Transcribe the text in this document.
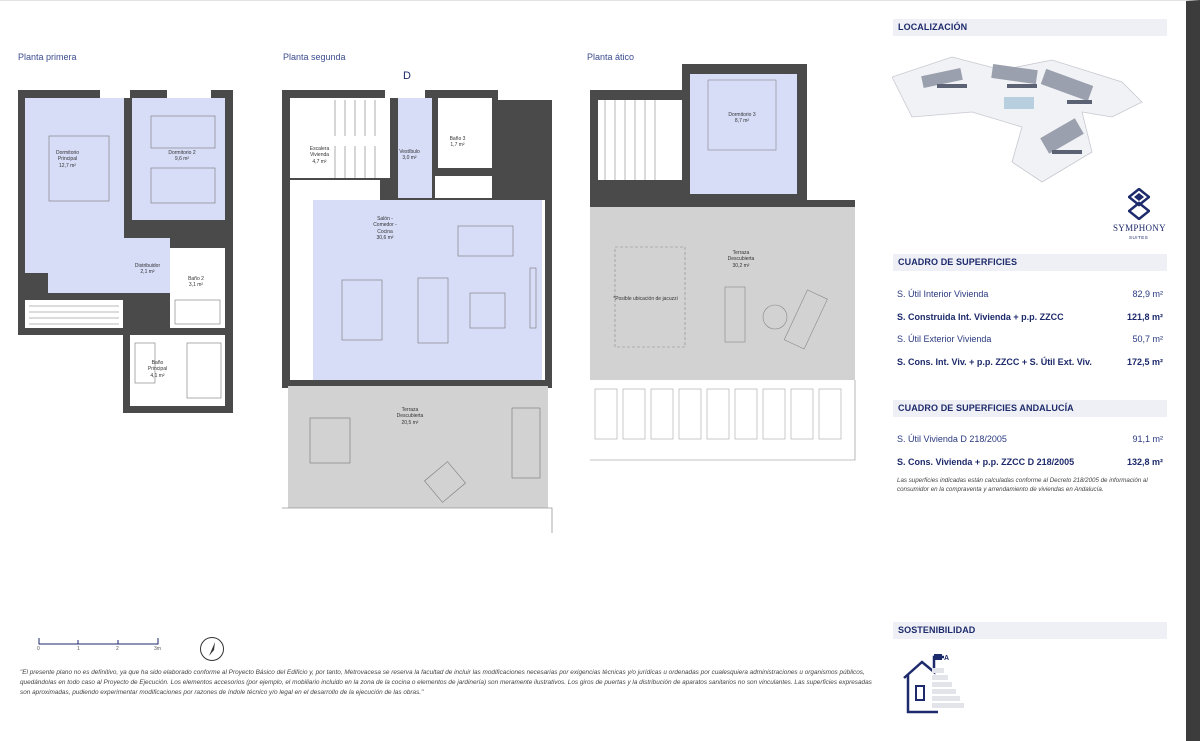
Planta primera	Planta segunda	Planta ático
Dormitorio
Principal
12,7 m²
Dormitorio 2
9,6 m²
Distribuidor
2,1 m²
Baño 2
3,1 m²
Baño
Principal
4,1 m²
D
Escalera
Vivienda
4,7 m²
Vestíbulo
3,0 m²
Baño 3
1,7 m²
Salón -
Comedor -
Cocina
30,6 m²
Terraza
Descubierta
20,5 m²
Dormitorio 3
8,7 m²
Terraza
Descubierta
30,2 m²
*Posible ubicación de jacuzzi
LOCALIZACIÓN
SYMPHONY
SUITES
CUADRO DE SUPERFICIES
S. Útil Interior Vivienda	82,9 m²
S. Construida Int. Vivienda + p.p. ZZCC	121,8 m²
S. Útil Exterior Vivienda	50,7 m²
S. Cons. Int. Viv. + p.p. ZZCC + S. Útil Ext. Viv.	172,5 m²
CUADRO DE SUPERFICIES ANDALUCÍA
S. Útil Vivienda D 218/2005	91,1 m²
S. Cons. Vivienda + p.p. ZZCC D 218/2005	132,8 m²
Las superficies indicadas están calculadas conforme al Decreto 218/2005 de información al consumidor en la compraventa y arrendamiento de viviendas en Andalucía.
SOSTENIBILIDAD
A
0	1	2	3m
"El presente plano no es definitivo, ya que ha sido elaborado conforme al Proyecto Básico del Edificio y, por tanto, Metrovacesa se reserva la facultad de incluir las modificaciones necesarias por exigencias técnicas y/o jurídicas u ordenadas por cualesquiera administraciones u organismos públicos, quedándolas en todo caso al Proyecto de Ejecución. Los elementos accesorios (por ejemplo, el mobiliario incluido en la zona de la cocina o elementos de jardinería) son meramente ilustrativos. Los giros de puertas y la distribución de aparatos sanitarios no son vinculantes. Las superficies expresadas son aproximadas, pudiendo experimentar modificaciones por razones de índole técnico y/o legal en el desarrollo de la ejecución de las obras."
